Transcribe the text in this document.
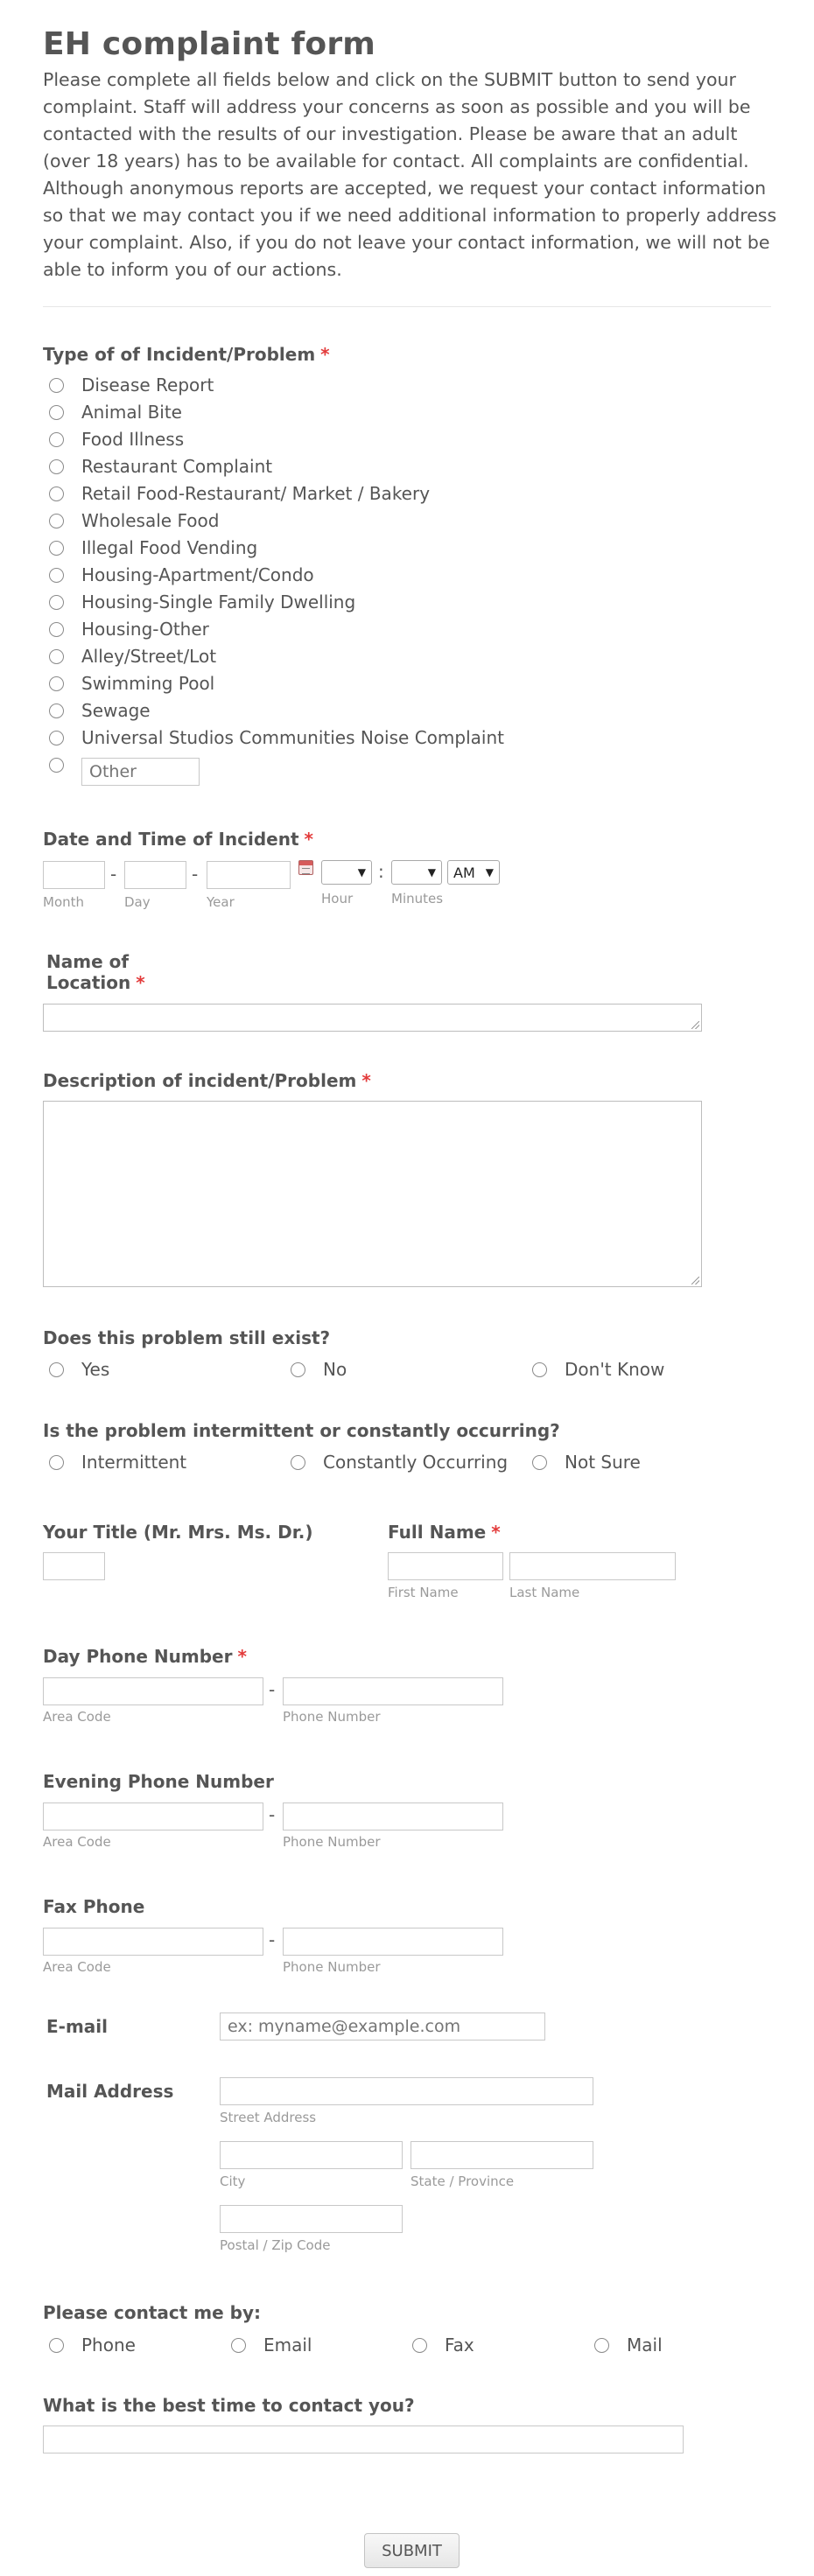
EH complaint form

Please complete all fields below and click on the SUBMIT button to send your complaint. Staff will address your concerns as soon as possible and you will be contacted with the results of our investigation. Please be aware that an adult (over 18 years) has to be available for contact. All complaints are confidential. Although anonymous reports are accepted, we request your contact information so that we may contact you if we need additional information to properly address your complaint. Also, if you do not leave your contact information, we will not be able to inform you of our actions.

Type of of Incident/Problem *
Disease Report
Animal Bite
Food Illness
Restaurant Complaint
Retail Food-Restaurant/ Market / Bakery
Wholesale Food
Illegal Food Vending
Housing-Apartment/Condo
Housing-Single Family Dwelling
Housing-Other
Alley/Street/Lot
Swimming Pool
Sewage
Universal Studios Communities Noise Complaint
Other
Date and Time of Incident *
-	-	▼ :	▼ AM ▼
Month	Day	Year	Hour	Minutes
Name of
Location *
Description of incident/Problem *
Does this problem still exist?
Yes	No	Don't Know
Is the problem intermittent or constantly occurring?
Intermittent	Constantly Occurring	Not Sure
Your Title (Mr. Mrs. Ms. Dr.)	Full Name *
First Name	Last Name
Day Phone Number *
-
Area Code	Phone Number
Evening Phone Number
-
Area Code	Phone Number
Fax Phone
-
Area Code	Phone Number
E-mail
ex: myname@example.com
Mail Address
Street Address
City	State / Province
Postal / Zip Code
Please contact me by:
Phone	Email	Fax	Mail
What is the best time to contact you?
SUBMIT
